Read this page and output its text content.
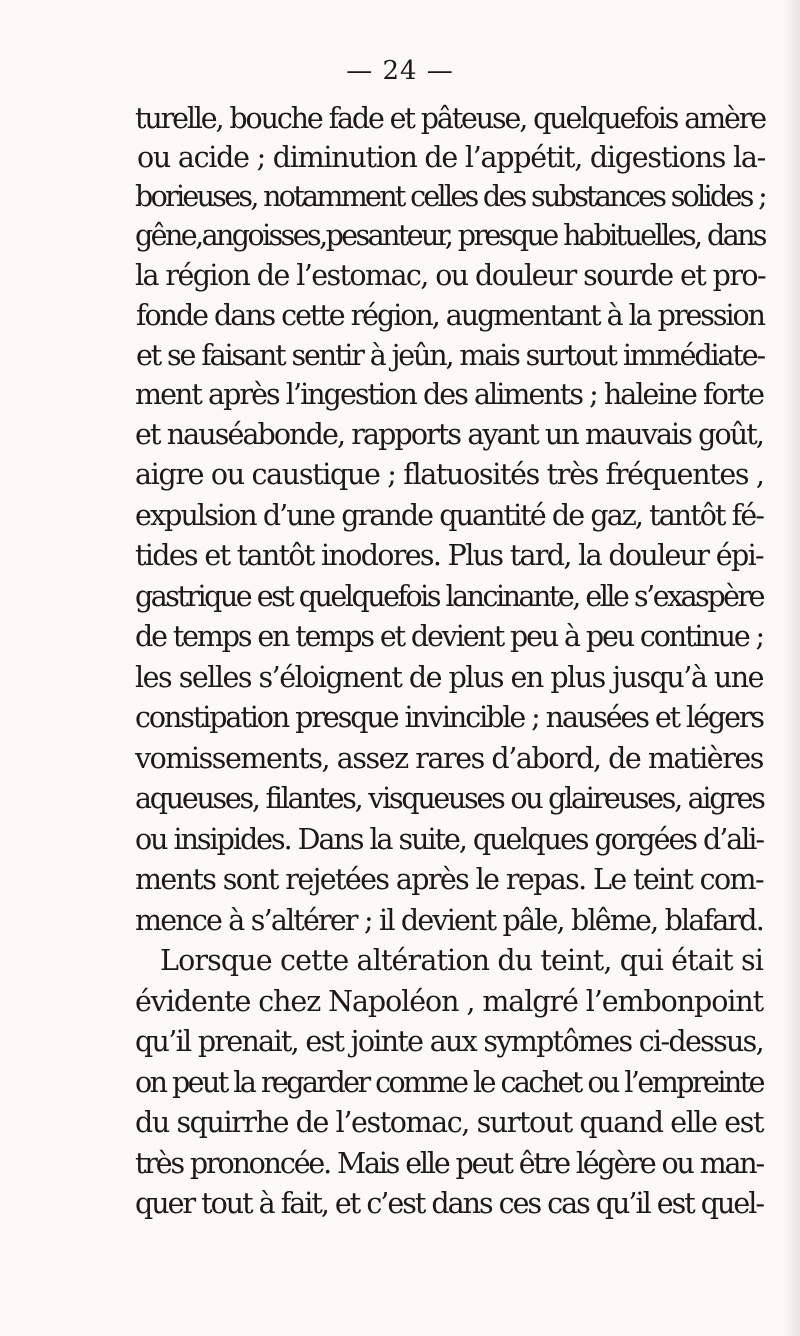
— 24 —
turelle, bouche fade et pâteuse, quelquefois amère
ou acide ; diminution de l’appétit, digestions la-
borieuses, notamment celles des substances solides ;
gêne,angoisses,pesanteur, presque habituelles, dans
la région de l’estomac, ou douleur sourde et pro-
fonde dans cette région, augmentant à la pression
et se faisant sentir à jeûn, mais surtout immédiate-
ment après l’ingestion des aliments ; haleine forte
et nauséabonde, rapports ayant un mauvais goût,
aigre ou caustique ; flatuosités très fréquentes ,
expulsion d’une grande quantité de gaz, tantôt fé-
tides et tantôt inodores. Plus tard, la douleur épi-
gastrique est quelquefois lancinante, elle s’exaspère
de temps en temps et devient peu à peu continue ;
les selles s’éloignent de plus en plus jusqu’à une
constipation presque invincible ; nausées et légers
vomissements, assez rares d’abord, de matières
aqueuses, filantes, visqueuses ou glaireuses, aigres
ou insipides. Dans la suite, quelques gorgées d’ali-
ments sont rejetées après le repas. Le teint com-
mence à s’altérer ; il devient pâle, blême, blafard.
Lorsque cette altération du teint, qui était si
évidente chez Napoléon , malgré l’embonpoint
qu’il prenait, est jointe aux symptômes ci-dessus,
on peut la regarder comme le cachet ou l’empreinte
du squirrhe de l’estomac, surtout quand elle est
très prononcée. Mais elle peut être légère ou man-
quer tout à fait, et c’est dans ces cas qu’il est quel-
